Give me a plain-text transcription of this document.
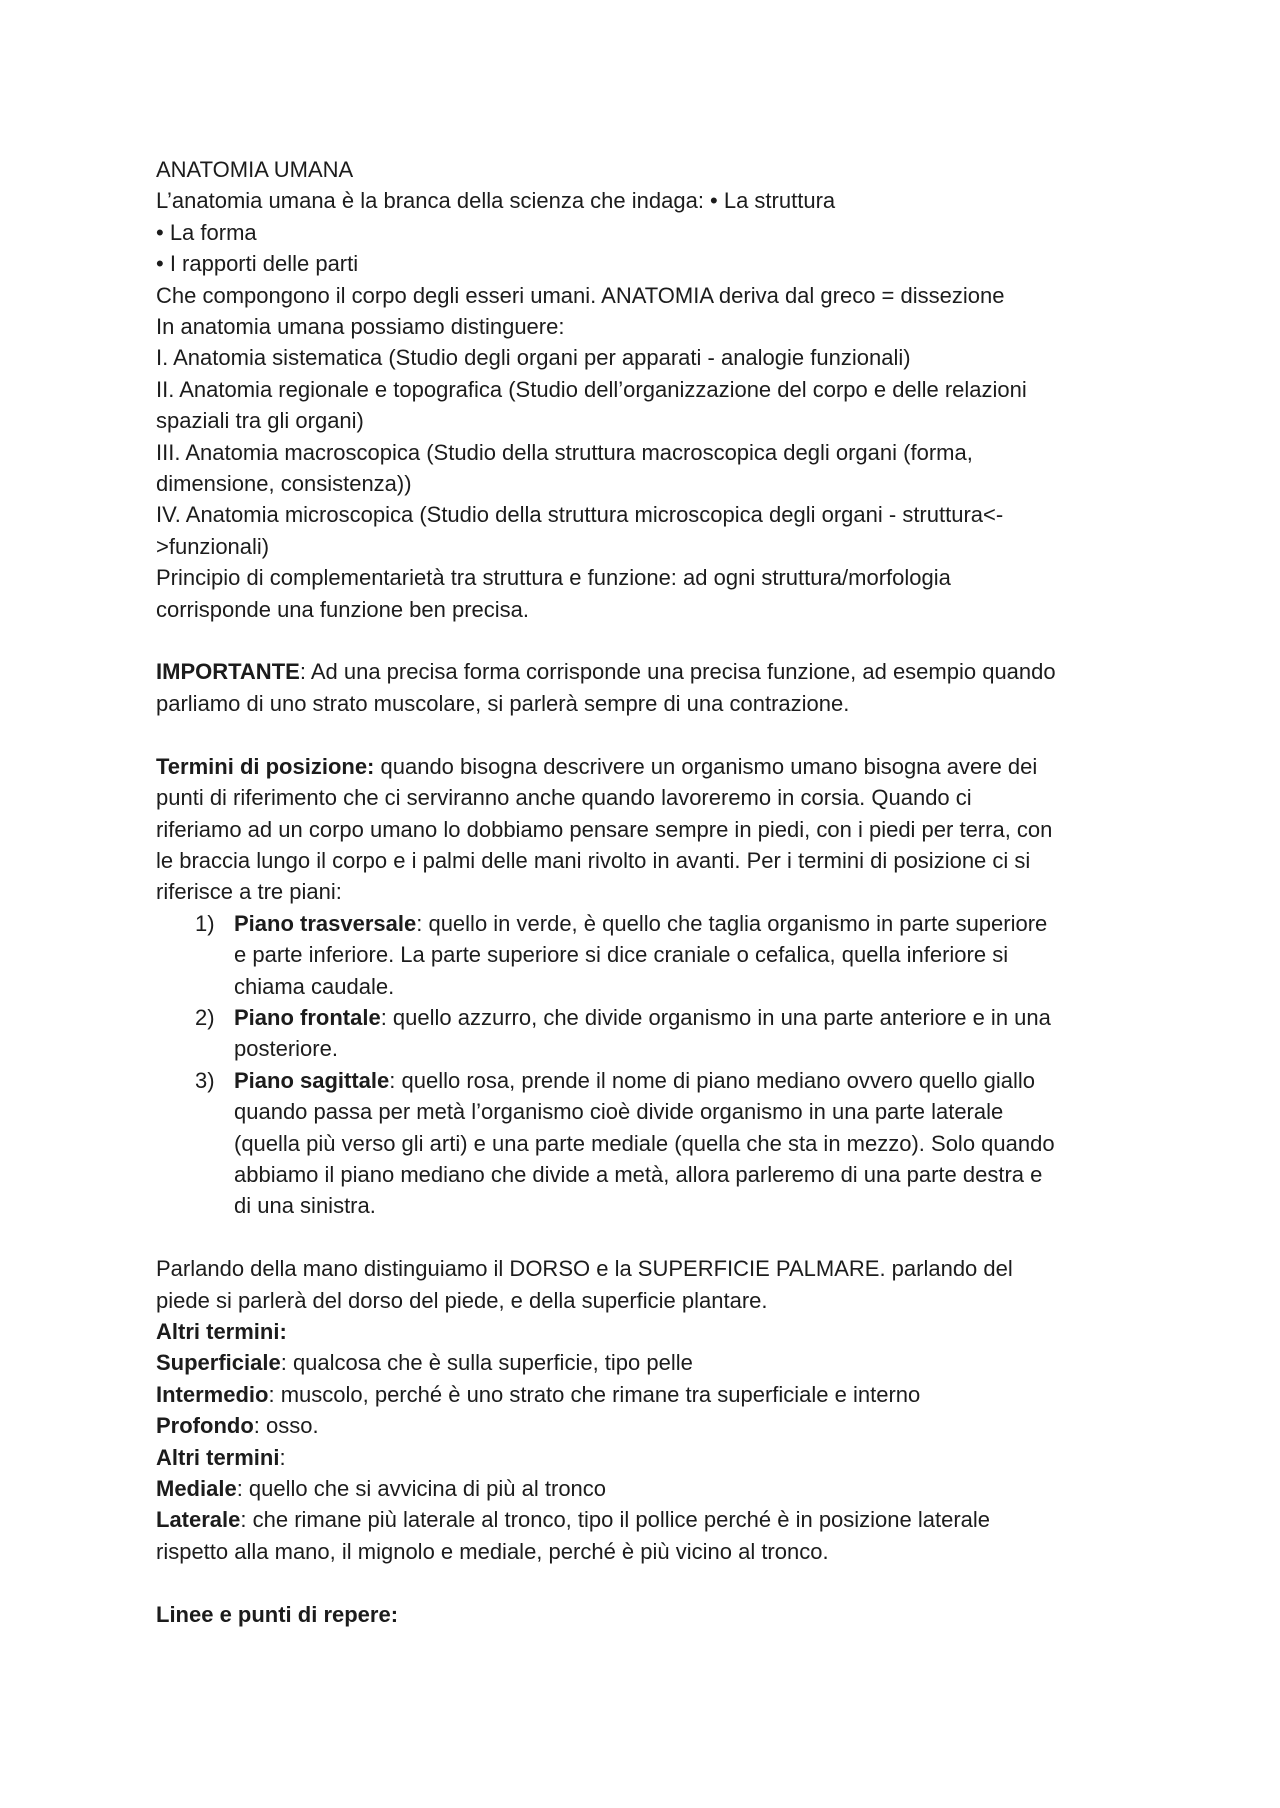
ANATOMIA UMANA
L’anatomia umana è la branca della scienza che indaga: • La struttura
• La forma
• I rapporti delle parti
Che compongono il corpo degli esseri umani. ANATOMIA deriva dal greco = dissezione
In anatomia umana possiamo distinguere:
I. Anatomia sistematica (Studio degli organi per apparati - analogie funzionali)
II. Anatomia regionale e topografica (Studio dell’organizzazione del corpo e delle relazioni
spaziali tra gli organi)
III. Anatomia macroscopica (Studio della struttura macroscopica degli organi (forma,
dimensione, consistenza))
IV. Anatomia microscopica (Studio della struttura microscopica degli organi - struttura<-
>funzionali)
Principio di complementarietà tra struttura e funzione: ad ogni struttura/morfologia
corrisponde una funzione ben precisa.
IMPORTANTE: Ad una precisa forma corrisponde una precisa funzione, ad esempio quando
parliamo di uno strato muscolare, si parlerà sempre di una contrazione.
Termini di posizione: quando bisogna descrivere un organismo umano bisogna avere dei
punti di riferimento che ci serviranno anche quando lavoreremo in corsia. Quando ci
riferiamo ad un corpo umano lo dobbiamo pensare sempre in piedi, con i piedi per terra, con
le braccia lungo il corpo e i palmi delle mani rivolto in avanti. Per i termini di posizione ci si
riferisce a tre piani:
1) Piano trasversale: quello in verde, è quello che taglia organismo in parte superiore
e parte inferiore. La parte superiore si dice craniale o cefalica, quella inferiore si
chiama caudale.
2) Piano frontale: quello azzurro, che divide organismo in una parte anteriore e in una
posteriore.
3) Piano sagittale: quello rosa, prende il nome di piano mediano ovvero quello giallo
quando passa per metà l’organismo cioè divide organismo in una parte laterale
(quella più verso gli arti) e una parte mediale (quella che sta in mezzo). Solo quando
abbiamo il piano mediano che divide a metà, allora parleremo di una parte destra e
di una sinistra.
Parlando della mano distinguiamo il DORSO e la SUPERFICIE PALMARE. parlando del
piede si parlerà del dorso del piede, e della superficie plantare.
Altri termini:
Superficiale: qualcosa che è sulla superficie, tipo pelle
Intermedio: muscolo, perché è uno strato che rimane tra superficiale e interno
Profondo: osso.
Altri termini:
Mediale: quello che si avvicina di più al tronco
Laterale: che rimane più laterale al tronco, tipo il pollice perché è in posizione laterale
rispetto alla mano, il mignolo e mediale, perché è più vicino al tronco.
Linee e punti di repere:
